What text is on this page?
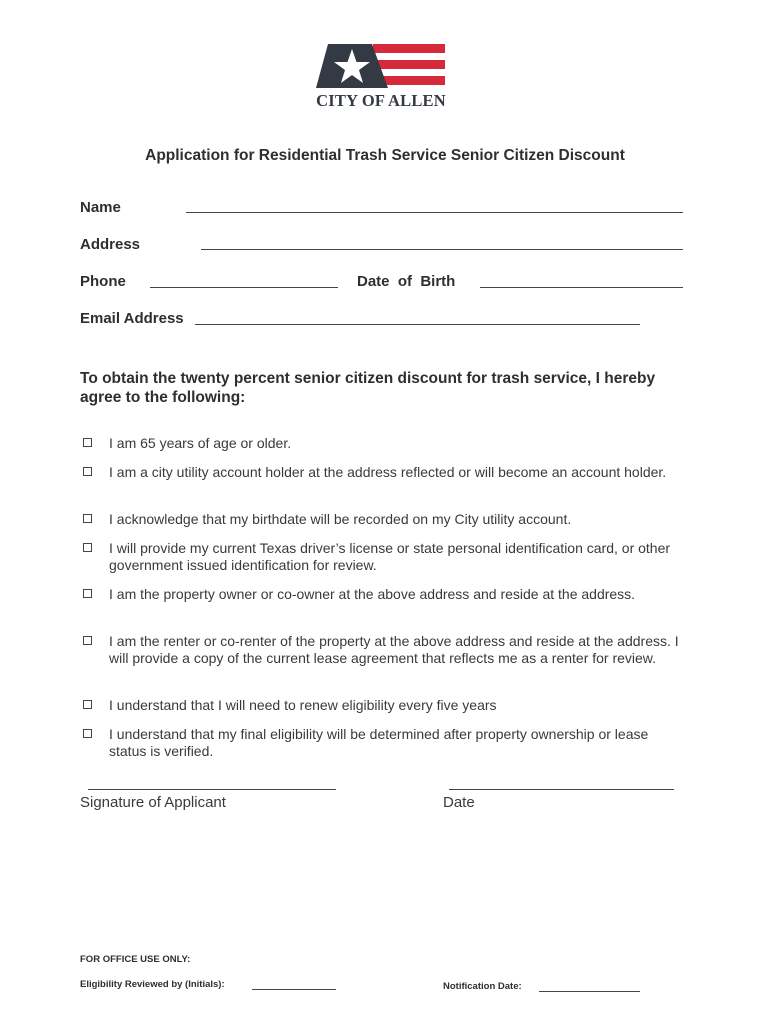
CITY OF ALLEN
Application for Residential Trash Service Senior Citizen Discount
Name
Address
Phone	Date  of  Birth
Email Address
To obtain the twenty percent senior citizen discount for trash service, I hereby agree to the following:
I am 65 years of age or older.
I am a city utility account holder at the address reflected or will become an account holder.
I acknowledge that my birthdate will be recorded on my City utility account.
I will provide my current Texas driver’s license or state personal identification card, or other government issued identification for review.
I am the property owner or co-owner at the above address and reside at the address.
I am the renter or co-renter of the property at the above address and reside at the address. I will provide a copy of the current lease agreement that reflects me as a renter for review.
I understand that I will need to renew eligibility every five years
I understand that my final eligibility will be determined after property ownership or lease status is verified.
Signature of Applicant	Date
FOR OFFICE USE ONLY:
Eligibility Reviewed by (Initials):	Notification Date:
